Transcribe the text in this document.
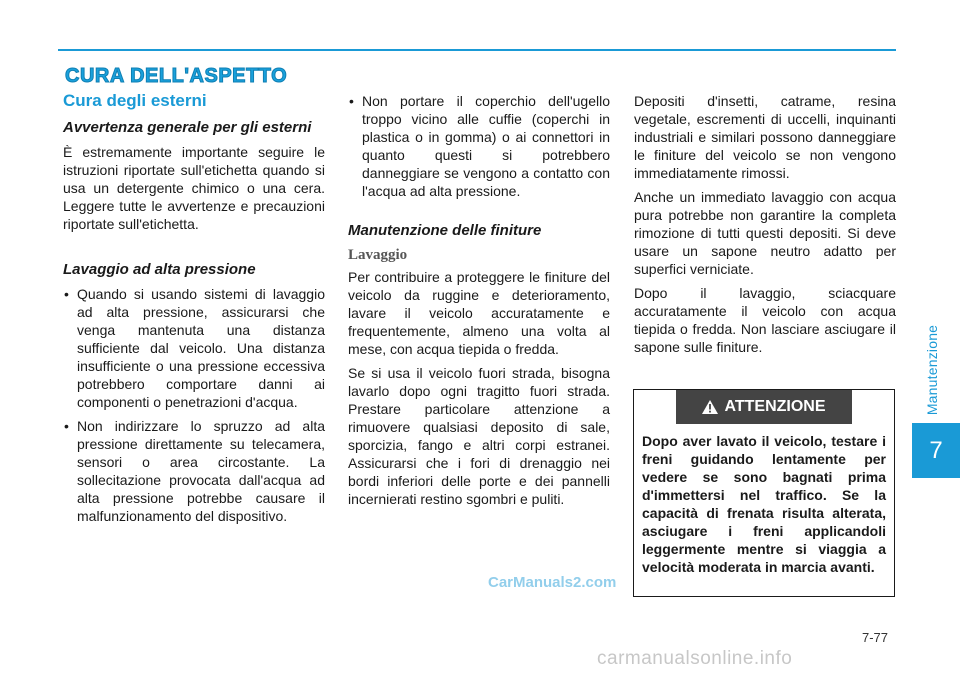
Manutenzione
7
CURA DELL'ASPETTO
Cura degli esterni
Avvertenza generale per gli esterni

È estremamente importante seguire le istruzioni riportate sull'etichetta quando si usa un detergente chimico o una cera. Leggere tutte le avvertenze e precauzioni riportate sull'etichetta.

Lavaggio ad alta pressione
• Quando si usando sistemi di lavaggio ad alta pressione, assicurarsi che venga mantenuta una distanza sufficiente dal veicolo. Una distanza insufficiente o una pressione eccessiva potrebbero comportare danni ai componenti o penetrazioni d'acqua.
• Non indirizzare lo spruzzo ad alta pressione direttamente su telecamera, sensori o area circostante. La sollecitazione provocata dall'acqua ad alta pressione potrebbe causare il malfunzionamento del dispositivo.
• Non portare il coperchio dell'ugello troppo vicino alle cuffie (coperchi in plastica o in gomma) o ai connettori in quanto questi si potrebbero danneggiare se vengono a contatto con l'acqua ad alta pressione.
Manutenzione delle finiture
Lavaggio

Per contribuire a proteggere le finiture del veicolo da ruggine e deterioramento, lavare il veicolo accuratamente e frequentemente, almeno una volta al mese, con acqua tiepida o fredda.

Se si usa il veicolo fuori strada, bisogna lavarlo dopo ogni tragitto fuori strada. Prestare particolare attenzione a rimuovere qualsiasi deposito di sale, sporcizia, fango e altri corpi estranei. Assicurarsi che i fori di drenaggio nei bordi inferiori delle porte e dei pannelli incernierati restino sgombri e puliti.

Depositi d'insetti, catrame, resina vegetale, escrementi di uccelli, inquinanti industriali e similari possono danneggiare le finiture del veicolo se non vengono immediatamente rimossi.

Anche un immediato lavaggio con acqua pura potrebbe non garantire la completa rimozione di tutti questi depositi. Si deve usare un sapone neutro adatto per superfici verniciate.

Dopo il lavaggio, sciacquare accuratamente il veicolo con acqua tiepida o fredda. Non lasciare asciugare il sapone sulle finiture.

ATTENZIONE
Dopo aver lavato il veicolo, testare i freni guidando lentamente per vedere se sono bagnati prima d'immettersi nel traffico. Se la capacità di frenata risulta alterata, asciugare i freni applicandoli leggermente mentre si viaggia a velocità moderata in marcia avanti.
CarManuals2.com
7-77
carmanualsonline.info
